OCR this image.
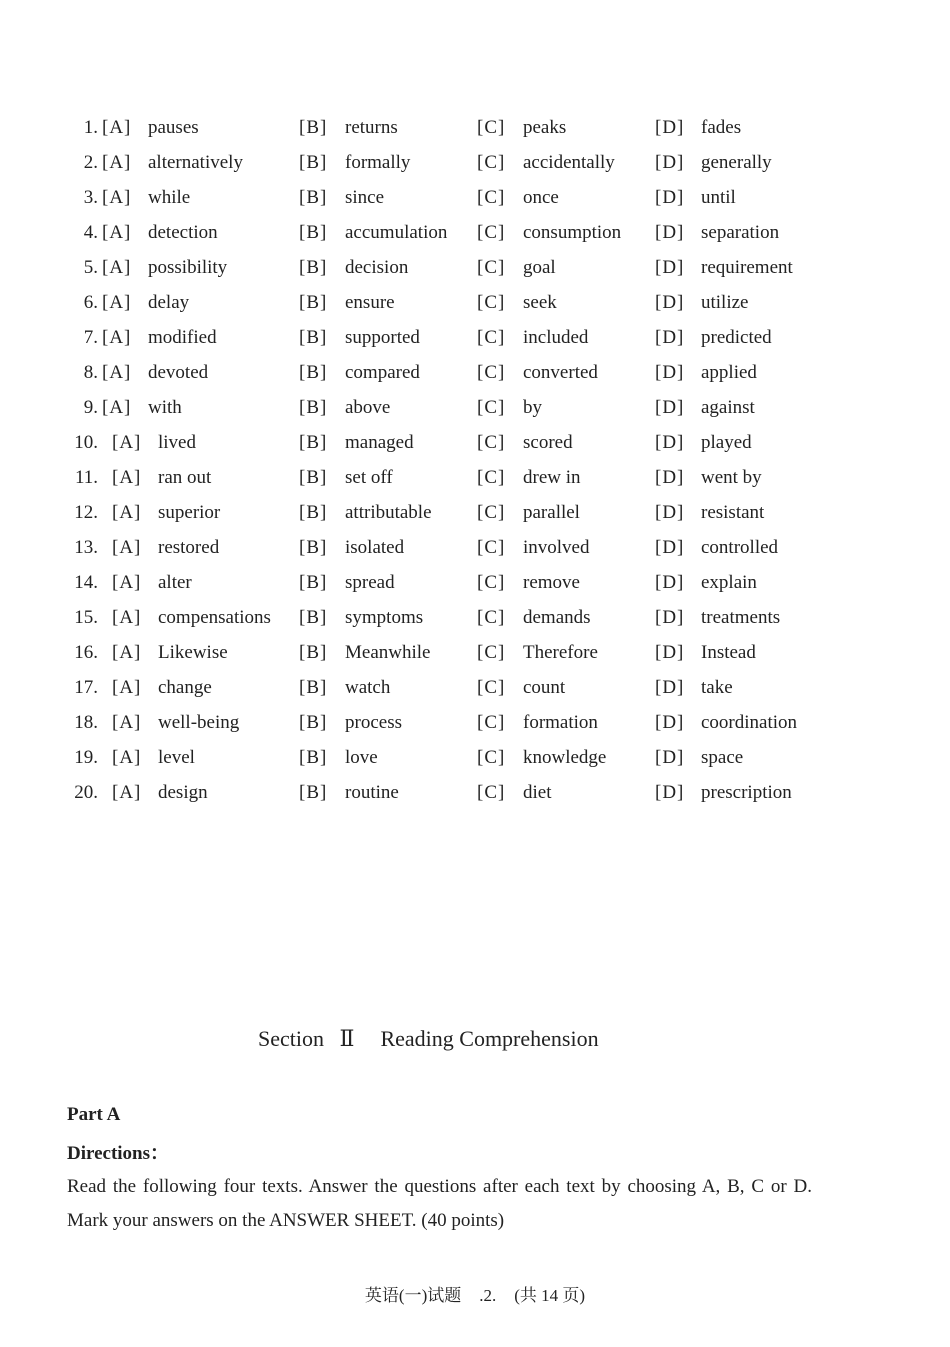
1. [A] pauses	[B] returns	[C] peaks	[D] fades
2. [A] alternatively	[B] formally	[C] accidentally [D] generally
3. [A] while	[B] since	[C] once	[D] until
4. [A] detection	[B] accumulation [C] consumption [D] separation
5. [A] possibility	[B] decision	[C] goal	[D] requirement
6. [A] delay	[B] ensure	[C] seek	[D] utilize
7. [A] modified	[B] supported	[C] included	[D] predicted
8. [A] devoted	[B] compared	[C] converted	[D] applied
9. [A] with	[B] above	[C] by	[D] against
10. [A] lived	[B] managed	[C] scored	[D] played
11. [A] ran out	[B] set off	[C] drew in	[D] went by
12. [A] superior	[B] attributable [C] parallel	[D] resistant
13. [A] restored	[B] isolated	[C] involved	[D] controlled
14. [A] alter	[B] spread	[C] remove	[D] explain
15. [A] compensations [B] symptoms	[C] demands	[D] treatments
16. [A] Likewise	[B] Meanwhile [C] Therefore	[D] Instead
17. [A] change	[B] watch	[C] count	[D] take
18. [A] well-being	[B] process	[C] formation	[D] coordination
19. [A] level	[B] love	[C] knowledge	[D] space
20. [A] design	[B] routine	[C] diet	[D] prescription
Section Ⅱ Reading Comprehension
Part A
Directions：
Read the following four texts. Answer the questions after each text by choosing A, B, C or D. Mark your answers on the ANSWER SHEET. (40 points)
英语(一)试题 .2. (共 14 页)
